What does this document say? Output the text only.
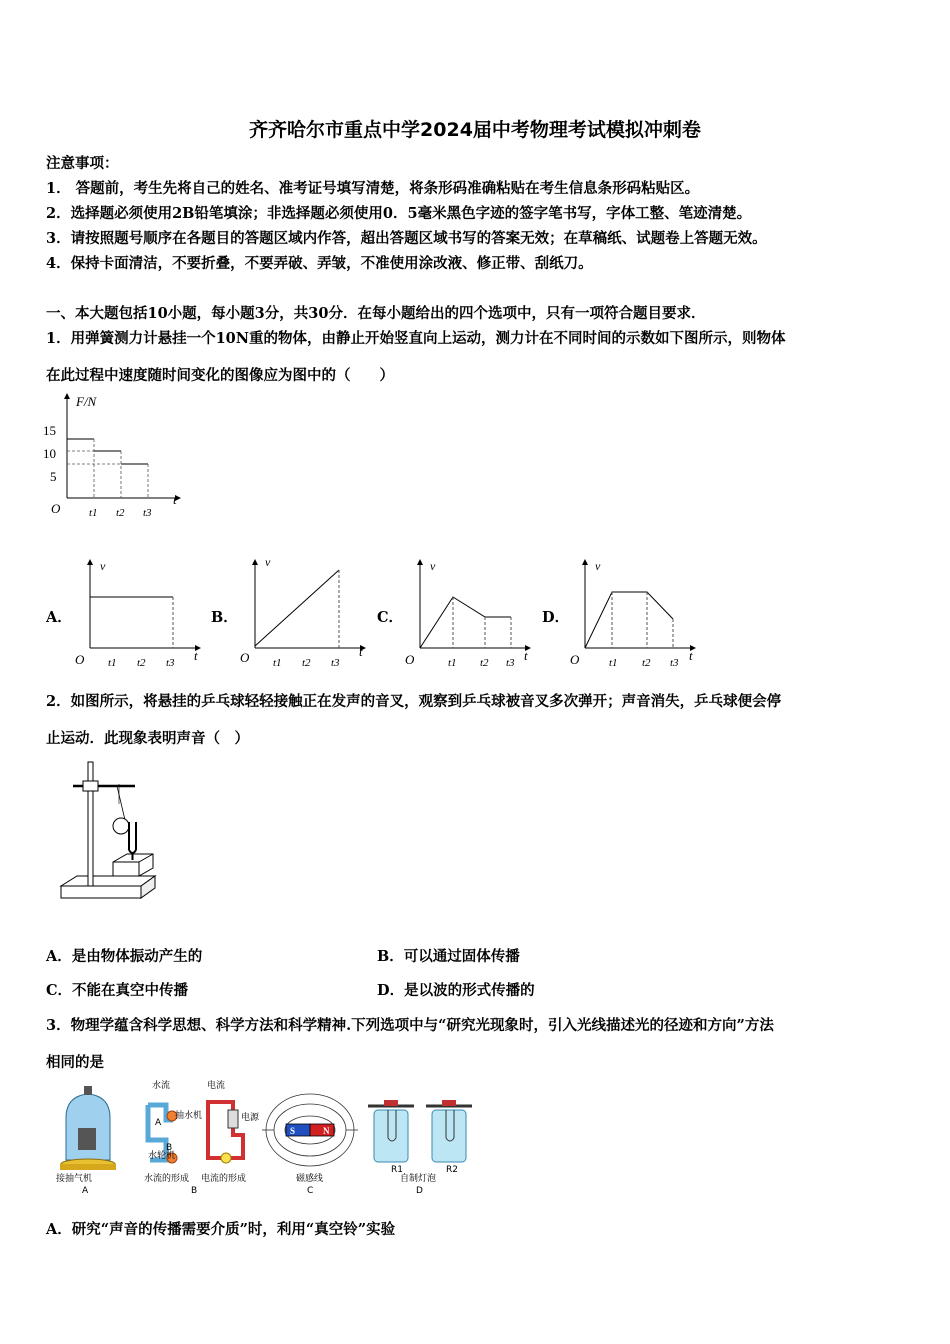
齐齐哈尔市重点中学2024届中考物理考试模拟冲刺卷
注意事项：
1． 答题前，考生先将自己的姓名、准考证号填写清楚，将条形码准确粘贴在考生信息条形码粘贴区。
2．选择题必须使用2B铅笔填涂；非选择题必须使用0．5毫米黑色字迹的签字笔书写，字体工整、笔迹清楚。
3．请按照题号顺序在各题目的答题区域内作答，超出答题区域书写的答案无效；在草稿纸、试题卷上答题无效。
4．保持卡面清洁，不要折叠，不要弄破、弄皱，不准使用涂改液、修正带、刮纸刀。
一、本大题包括10小题，每小题3分，共30分．在每小题给出的四个选项中，只有一项符合题目要求．
1．用弹簧测力计悬挂一个10N重的物体，由静止开始竖直向上运动，测力计在不同时间的示数如下图所示，则物体
在此过程中速度随时间变化的图像应为图中的（　　）
F/N
15
10
5
O
t
t1 t2 t3
A．	B．	C．	D．
v
O	t
t1 t2 t3
v
O	t
t1 t2 t3
v
O	t
t1 t2 t3
v
O	t
t1 t2 t3
2．如图所示，将悬挂的乒乓球轻轻接触正在发声的音叉，观察到乒乓球被音叉多次弹开；声音消失，乒乓球便会停
止运动．此现象表明声音（　）
A．是由物体振动产生的	B．可以通过固体传播
C．不能在真空中传播	D．是以波的形式传播的
3．物理学蕴含科学思想、科学方法和科学精神.下列选项中与“研究光现象时，引入光线描述光的径迹和方向”方法
相同的是
接抽气机
A
水流	电流
抽水机
水轮机
A
B
电源
水流的形成 电流的形成
B
S	N
磁感线
C
R1	R2
自制灯泡
D
A．研究“声音的传播需要介质”时，利用“真空铃”实验
